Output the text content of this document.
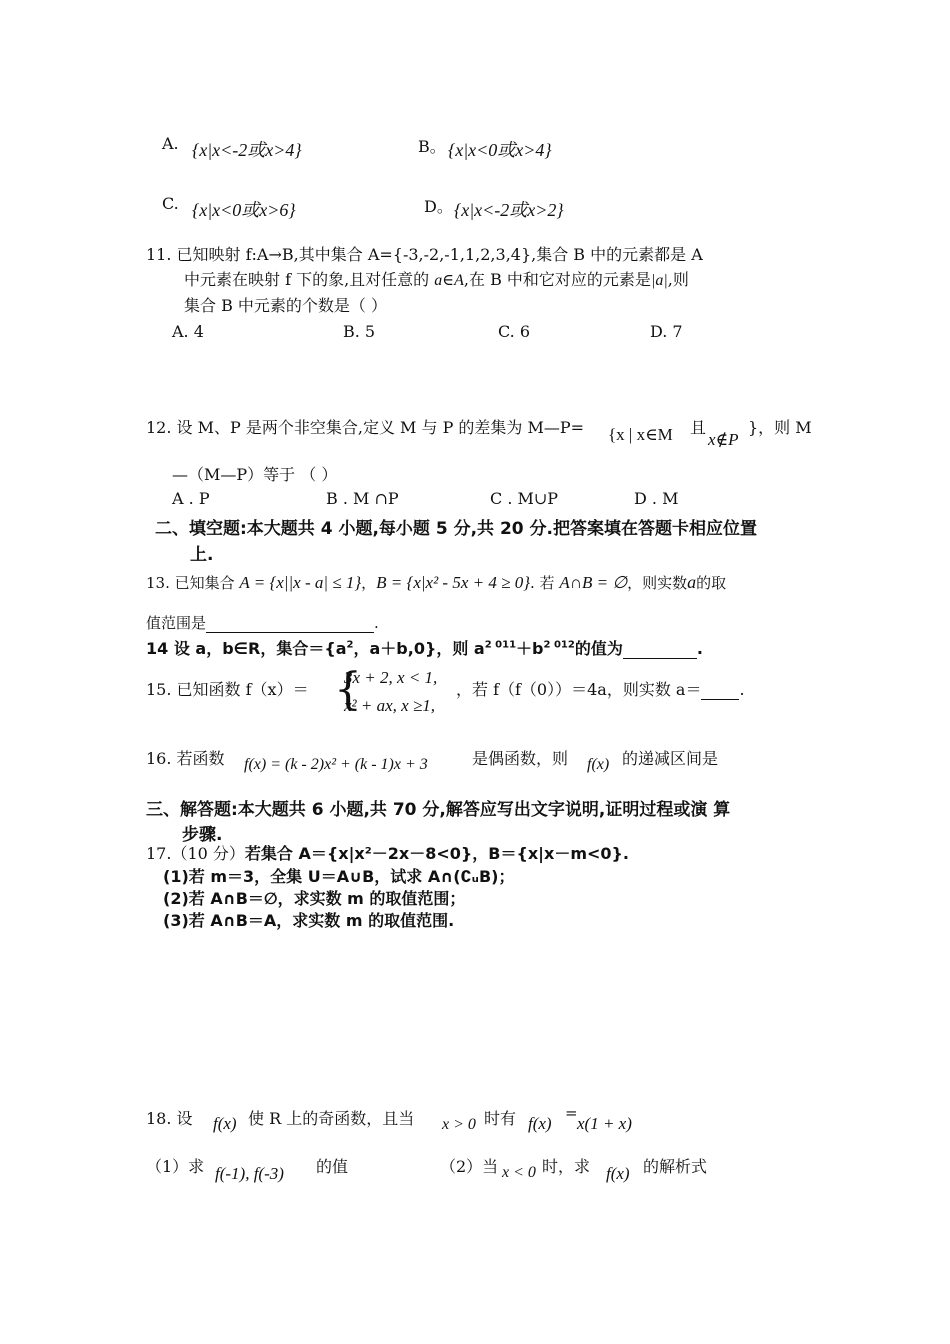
A. {x|x<-2或x>4}	B。 {x|x<0或x>4}
C. {x|x<0或x>6}	D。 {x|x<-2或x>2}
11. 已知映射 f:A→B,其中集合 A={-3,-2,-1,1,2,3,4},集合 B 中的元素都是 A
中元素在映射 f 下的象,且对任意的 a∈A,在 B 中和它对应的元素是|a|,则
集合 B 中元素的个数是（ ）
A. 4	B. 5	C. 6	D. 7
12. 设 M、P 是两个非空集合,定义 M 与 P 的差集为 M—P= {x | x∈M 且
x∉P
}，则 M
—（M—P）等于 （ ）
A . P	B . M ∩P	C . M∪P	D . M
二、填空题:本大题共 4 小题,每小题 5 分,共 20 分.把答案填在答题卡相应位置
上.
13. 已知集合 A = {x||x - a| ≤ 1}，B = {x|x² - 5x + 4 ≥ 0}. 若 A∩B = ∅，则实数a的取
值范围是	.
14 设 a，b∈R，集合$=\{a^2$，a＋b,0}，则 $a^{2 011}+b^{2 012}$的值为	.
15. 已知函数 f（x）＝ {
3x + 2, x < 1,
x² + ax, x ≥1,
，若 f（f（0））＝4a，则实数 a＝ .
16. 若函数 f(x) = (k - 2)x² + (k - 1)x + 3	是偶函数，则 f(x) 的递减区间是
三、解答题:本大题共 6 小题,共 70 分,解答应写出文字说明,证明过程或演 算
步骤.
17.（10 分）若集合 A＝{x|x²－2x－8<0}，B＝{x|x－m<0}.
(1)若 m＝3，全集 U＝A∪B，试求 A∩(∁ᵤB)；
(2)若 A∩B＝∅，求实数 m 的取值范围；
(3)若 A∩B＝A，求实数 m 的取值范围.
18. 设 f(x) 使 R 上的奇函数，且当 x > 0 时有 f(x)
=
x(1 + x)
（1）求 f(-1), f(-3) 的值	（2）当 x < 0 时，求 f(x) 的解析式
